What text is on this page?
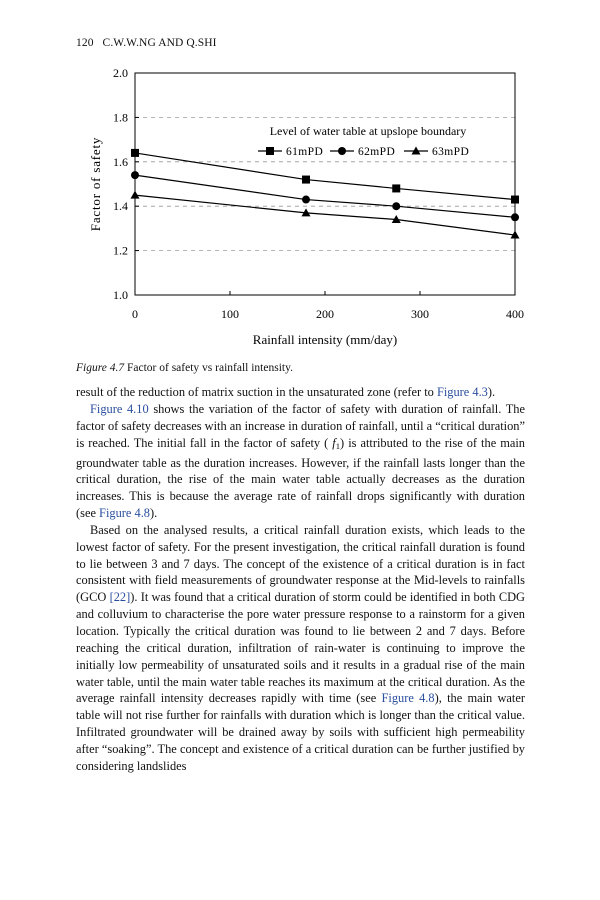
120 C.W.W.NG AND Q.SHI
1.0
1.2
1.4
1.6
1.8
2.0
0	100	200	300	400
Rainfall intensity (mm/day)
Factor of safety
Level of water table at upslope boundary
61mPD	62mPD	63mPD
Figure 4.7 Factor of safety vs rainfall intensity.

result of the reduction of matrix suction in the unsaturated zone (refer to Figure 4.3).

Figure 4.10 shows the variation of the factor of safety with duration of rainfall. The factor of safety decreases with an increase in duration of rainfall, until a “critical duration” is reached. The initial fall in the factor of safety ( $f_1$) is attributed to the rise of the main groundwater table as the duration increases. However, if the rainfall lasts longer than the critical duration, the rise of the main water table actually decreases as the duration increases. This is because the average rate of rainfall drops significantly with duration (see Figure 4.8).

Based on the analysed results, a critical rainfall duration exists, which leads to the lowest factor of safety. For the present investigation, the critical rainfall duration is found to lie between 3 and 7 days. The concept of the existence of a critical duration is in fact consistent with field measurements of groundwater response at the Mid-levels to rainfalls (GCO [22]). It was found that a critical duration of storm could be identified in both CDG and colluvium to characterise the pore water pressure response to a rainstorm for a given location. Typically the critical duration was found to lie between 2 and 7 days. Before reaching the critical duration, infiltration of rain-water is continuing to improve the initially low permeability of unsaturated soils and it results in a gradual rise of the main water table, until the main water table reaches its maximum at the critical duration. As the average rainfall intensity decreases rapidly with time (see Figure 4.8), the main water table will not rise further for rainfalls with duration which is longer than the critical value. Infiltrated groundwater will be drained away by soils with sufficient high permeability after “soaking”. The concept and existence of a critical duration can be further justified by considering landslides
